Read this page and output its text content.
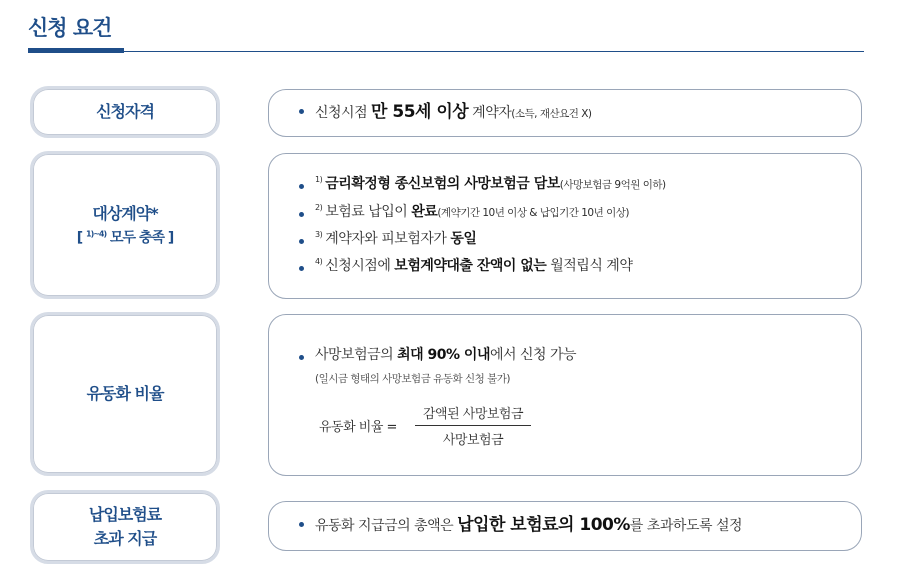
신청 요건
신청자격	신청시점 만 55세 이상 계약자(소득, 재산요건 X)
대상계약*
[ $^{1)\sim 4)}$ 모두 충족 ]
$^{1)}$ 금리확정형 종신보험의 사망보험금 담보(사망보험금 9억원 이하)
$^{2)}$ 보험료 납입이 완료(계약기간 10년 이상 & 납입기간 10년 이상)
$^{3)}$ 계약자와 피보험자가 동일
$^{4)}$ 신청시점에 보험계약대출 잔액이 없는 월적립식 계약
유동화 비율
사망보험금의 최대 90% 이내에서 신청 가능
(일시금 형태의 사망보험금 유동화 신청 불가)
유동화 비율 = $\frac{\text{감액된 사망보험금}}{\text{사망보험금}}$
납입보험료
초과 지급
유동화 지급금의 총액은 납입한 보험료의 100%를 초과하도록 설정
